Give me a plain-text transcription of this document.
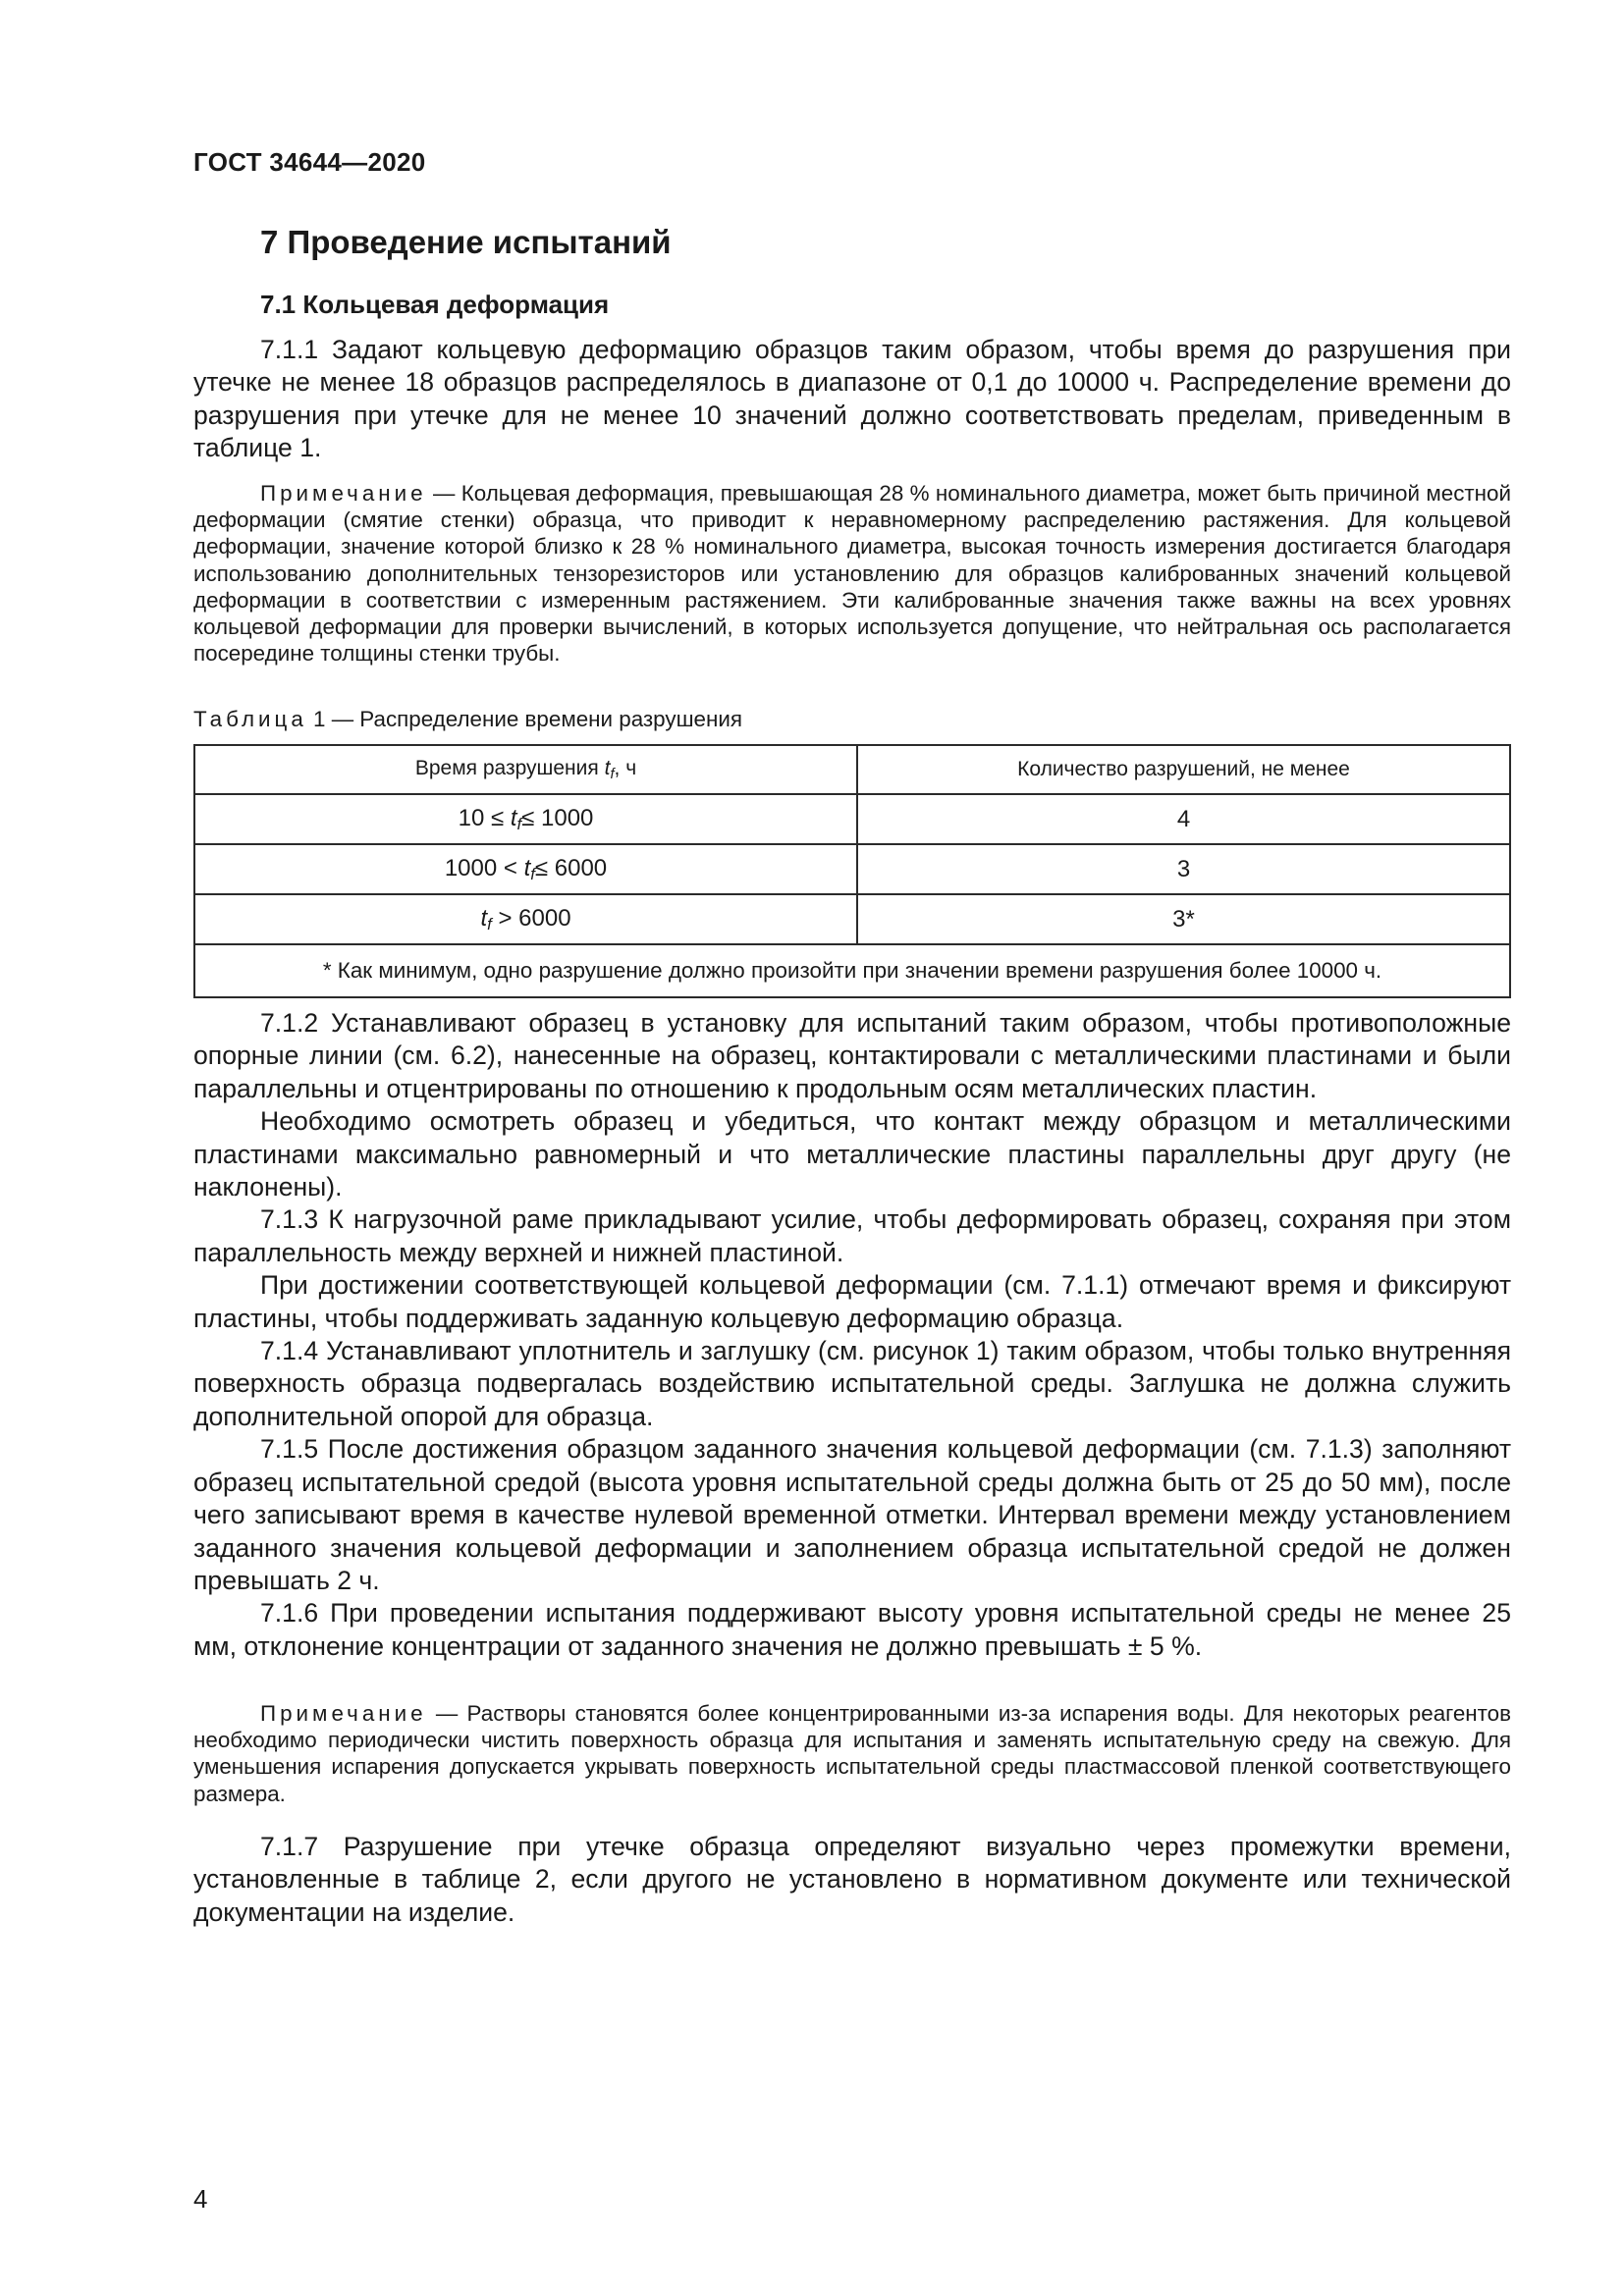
ГОСТ 34644—2020
7 Проведение испытаний
7.1 Кольцевая деформация

7.1.1 Задают кольцевую деформацию образцов таким образом, чтобы время до разрушения при утечке не менее 18 образцов распределялось в диапазоне от 0,1 до 10000 ч. Распределение времени до разрушения при утечке для не менее 10 значений должно соответствовать пределам, приведенным в таблице 1.

Примечание — Кольцевая деформация, превышающая 28 % номинального диаметра, может быть причиной местной деформации (смятие стенки) образца, что приводит к неравномерному распределению растяжения. Для кольцевой деформации, значение которой близко к 28 % номинального диаметра, высокая точность измерения достигается благодаря использованию дополнительных тензорезисторов или установлению для образцов калиброванных значений кольцевой деформации в соответствии с измеренным растяжением. Эти калиброванные значения также важны на всех уровнях кольцевой деформации для проверки вычислений, в которых используется допущение, что нейтральная ось располагается посередине толщины стенки трубы.

Таблица 1 — Распределение времени разрушения
Время разрушения $t_f$, ч	Количество разрушений, не менее
$10 \le t_f\le 1000$	4
$1000 < t_f\le 6000$	3
$t_f > 6000$	3*
* Как минимум, одно разрушение должно произойти при значении времени разрушения более 10000 ч.	

7.1.2 Устанавливают образец в установку для испытаний таким образом, чтобы противоположные опорные линии (см. 6.2), нанесенные на образец, контактировали с металлическими пластинами и были параллельны и отцентрированы по отношению к продольным осям металлических пластин.

Необходимо осмотреть образец и убедиться, что контакт между образцом и металлическими пластинами максимально равномерный и что металлические пластины параллельны друг другу (не наклонены).

7.1.3 К нагрузочной раме прикладывают усилие, чтобы деформировать образец, сохраняя при этом параллельность между верхней и нижней пластиной.

При достижении соответствующей кольцевой деформации (см. 7.1.1) отмечают время и фиксируют пластины, чтобы поддерживать заданную кольцевую деформацию образца.

7.1.4 Устанавливают уплотнитель и заглушку (см. рисунок 1) таким образом, чтобы только внутренняя поверхность образца подвергалась воздействию испытательной среды. Заглушка не должна служить дополнительной опорой для образца.

7.1.5 После достижения образцом заданного значения кольцевой деформации (см. 7.1.3) заполняют образец испытательной средой (высота уровня испытательной среды должна быть от 25 до 50 мм), после чего записывают время в качестве нулевой временной отметки. Интервал времени между установлением заданного значения кольцевой деформации и заполнением образца испытательной средой не должен превышать 2 ч.

7.1.6 При проведении испытания поддерживают высоту уровня испытательной среды не менее 25 мм, отклонение концентрации от заданного значения не должно превышать ± 5 %.

Примечание — Растворы становятся более концентрированными из-за испарения воды. Для некоторых реагентов необходимо периодически чистить поверхность образца для испытания и заменять испытательную среду на свежую. Для уменьшения испарения допускается укрывать поверхность испытательной среды пластмассовой пленкой соответствующего размера.

7.1.7 Разрушение при утечке образца определяют визуально через промежутки времени, установленные в таблице 2, если другого не установлено в нормативном документе или технической документации на изделие.

4
